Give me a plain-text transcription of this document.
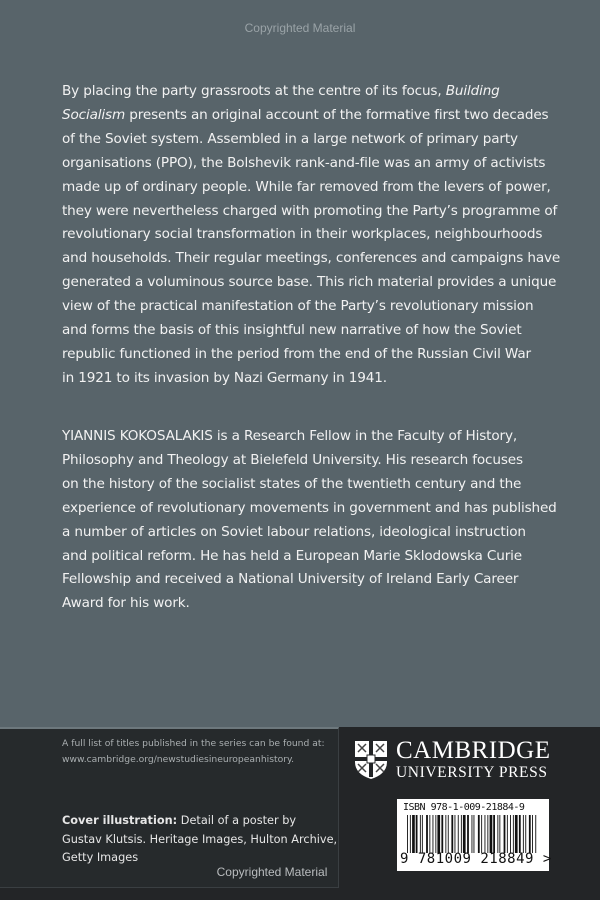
Copyrighted Material
By placing the party grassroots at the centre of its focus, Building
Socialism presents an original account of the formative first two decades
of the Soviet system. Assembled in a large network of primary party
organisations (PPO), the Bolshevik rank-and-file was an army of activists
made up of ordinary people. While far removed from the levers of power,
they were nevertheless charged with promoting the Party’s programme of
revolutionary social transformation in their workplaces, neighbourhoods
and households. Their regular meetings, conferences and campaigns have
generated a voluminous source base. This rich material provides a unique
view of the practical manifestation of the Party’s revolutionary mission
and forms the basis of this insightful new narrative of how the Soviet
republic functioned in the period from the end of the Russian Civil War
in 1921 to its invasion by Nazi Germany in 1941.
YIANNIS KOKOSALAKIS is a Research Fellow in the Faculty of History,
Philosophy and Theology at Bielefeld University. His research focuses
on the history of the socialist states of the twentieth century and the
experience of revolutionary movements in government and has published
a number of articles on Soviet labour relations, ideological instruction
and political reform. He has held a European Marie Sklodowska Curie
Fellowship and received a National University of Ireland Early Career
Award for his work.
A full list of titles published in the series can be found at:
www.cambridge.org/newstudiesineuropeanhistory.
Cover illustration: Detail of a poster by
Gustav Klutsis. Heritage Images, Hulton Archive,
Getty Images
Copyrighted Material
CAMBRIDGE
UNIVERSITY PRESS
ISBN 978-1-009-21884-9
9 781009 218849 >
